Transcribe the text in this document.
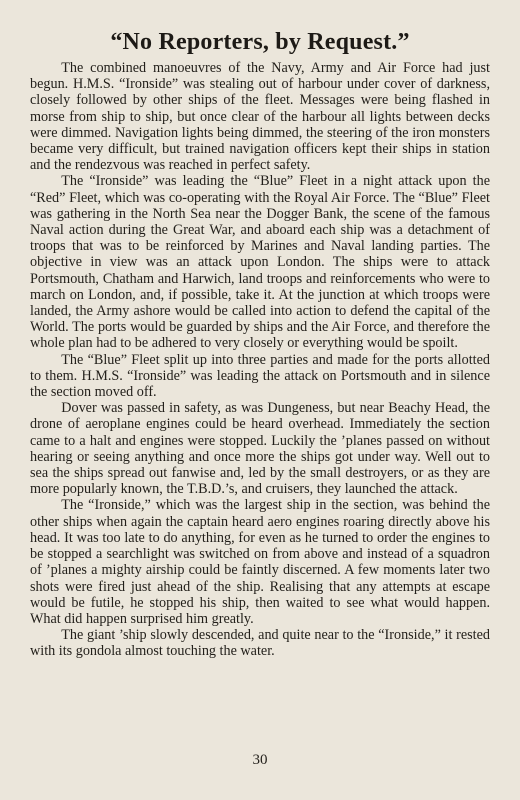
“No Reporters, by Request.”

The combined manoeuvres of the Navy, Army and Air Force had just begun. H.M.S. “Ironside” was stealing out of harbour under cover of darkness, closely followed by other ships of the fleet. Messages were being flashed in morse from ship to ship, but once clear of the harbour all lights between decks were dimmed. Navigation lights being dimmed, the steering of the iron monsters became very difficult, but trained navigation officers kept their ships in station and the rendezvous was reached in perfect safety.

The “Ironside” was leading the “Blue” Fleet in a night attack upon the “Red” Fleet, which was co-operating with the Royal Air Force. The “Blue” Fleet was gathering in the North Sea near the Dogger Bank, the scene of the famous Naval action during the Great War, and aboard each ship was a detachment of troops that was to be reinforced by Marines and Naval landing parties. The objective in view was an attack upon London. The ships were to attack Portsmouth, Chatham and Harwich, land troops and reinforcements who were to march on London, and, if possible, take it. At the junction at which troops were landed, the Army ashore would be called into action to defend the capital of the World. The ports would be guarded by ships and the Air Force, and therefore the whole plan had to be adhered to very closely or everything would be spoilt.

The “Blue” Fleet split up into three parties and made for the ports allotted to them. H.M.S. “Ironside” was leading the attack on Portsmouth and in silence the section moved off.

Dover was passed in safety, as was Dungeness, but near Beachy Head, the drone of aeroplane engines could be heard overhead. Immediately the section came to a halt and engines were stopped. Luckily the ’planes passed on without hearing or seeing anything and once more the ships got under way. Well out to sea the ships spread out fanwise and, led by the small destroyers, or as they are more popularly known, the T.B.D.’s, and cruisers, they launched the attack.

The “Ironside,” which was the largest ship in the section, was behind the other ships when again the captain heard aero engines roaring directly above his head. It was too late to do anything, for even as he turned to order the engines to be stopped a searchlight was switched on from above and instead of a squadron of ’planes a mighty airship could be faintly discerned. A few moments later two shots were fired just ahead of the ship. Realising that any attempts at escape would be futile, he stopped his ship, then waited to see what would happen. What did happen surprised him greatly.

The giant ’ship slowly descended, and quite near to the “Ironside,” it rested with its gondola almost touching the water.

30
